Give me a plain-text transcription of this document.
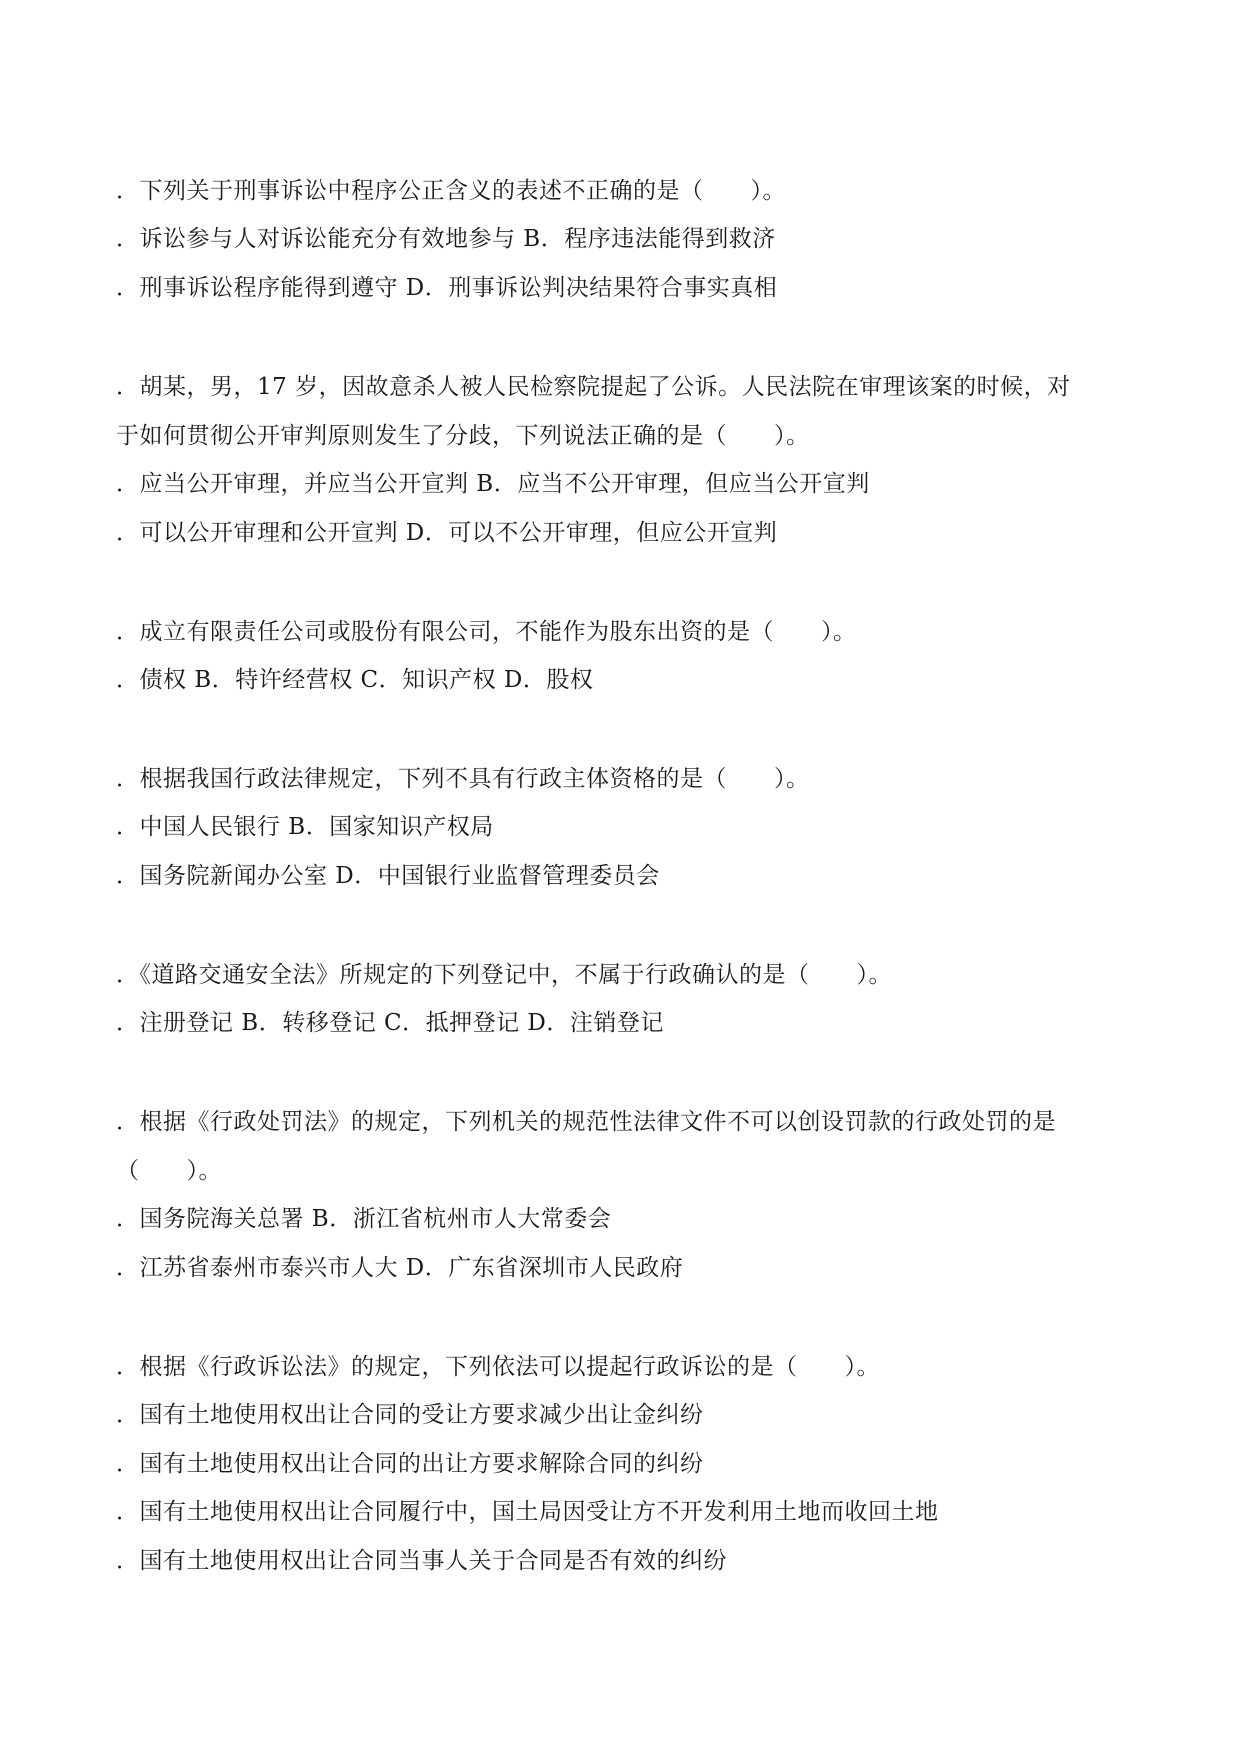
．下列关于刑事诉讼中程序公正含义的表述不正确的是（　　）。
．诉讼参与人对诉讼能充分有效地参与 B．程序违法能得到救济
．刑事诉讼程序能得到遵守 D．刑事诉讼判决结果符合事实真相
．胡某，男，17 岁，因故意杀人被人民检察院提起了公诉。人民法院在审理该案的时候，对
于如何贯彻公开审判原则发生了分歧，下列说法正确的是（　　）。
．应当公开审理，并应当公开宣判 B．应当不公开审理，但应当公开宣判
．可以公开审理和公开宣判 D．可以不公开审理，但应公开宣判
．成立有限责任公司或股份有限公司，不能作为股东出资的是（　　）。
．债权 B．特许经营权 C．知识产权 D．股权
．根据我国行政法律规定，下列不具有行政主体资格的是（　　）。
．中国人民银行 B．国家知识产权局
．国务院新闻办公室 D．中国银行业监督管理委员会
．《道路交通安全法》所规定的下列登记中，不属于行政确认的是（　　）。
．注册登记 B．转移登记 C．抵押登记 D．注销登记
．根据《行政处罚法》的规定，下列机关的规范性法律文件不可以创设罚款的行政处罚的是
（　　）。
．国务院海关总署 B．浙江省杭州市人大常委会
．江苏省泰州市泰兴市人大 D．广东省深圳市人民政府
．根据《行政诉讼法》的规定，下列依法可以提起行政诉讼的是（　　）。
．国有土地使用权出让合同的受让方要求减少出让金纠纷
．国有土地使用权出让合同的出让方要求解除合同的纠纷
．国有土地使用权出让合同履行中，国土局因受让方不开发利用土地而收回土地
．国有土地使用权出让合同当事人关于合同是否有效的纠纷
